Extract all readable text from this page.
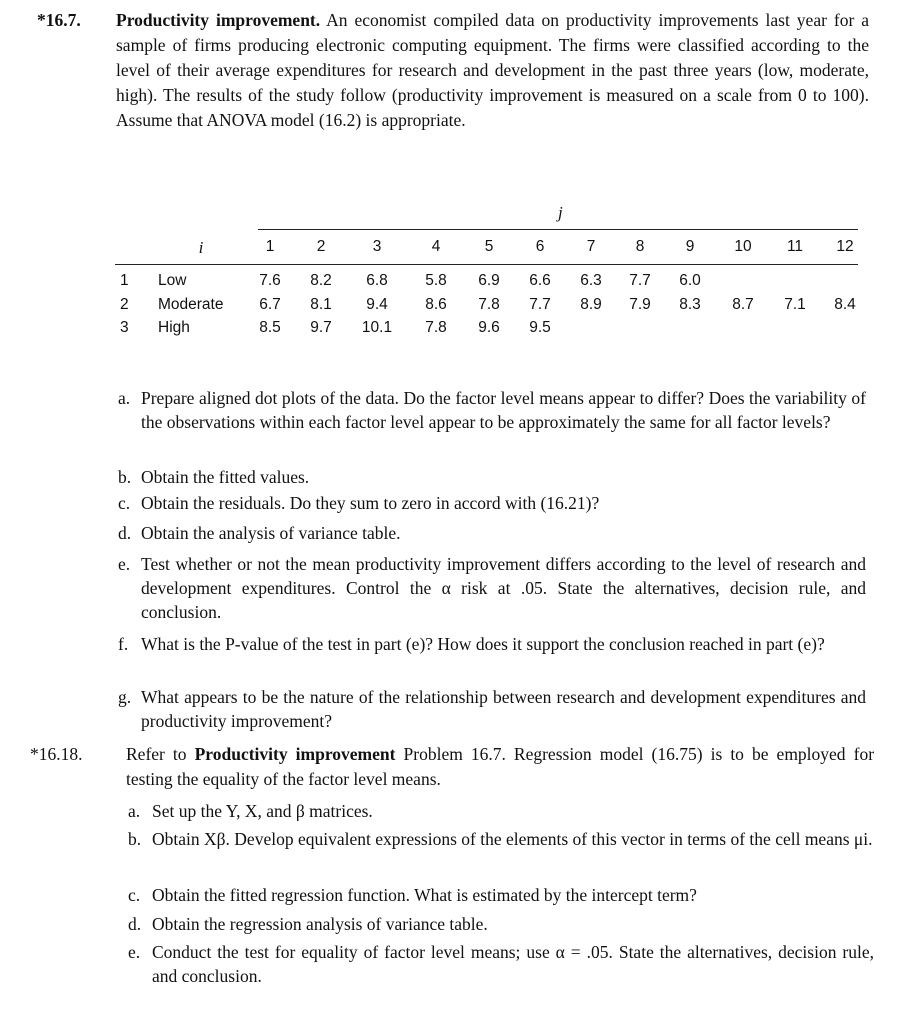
*16.7. Productivity improvement. An economist compiled data on productivity improvements last year for a sample of firms producing electronic computing equipment. The firms were classified according to the level of their average expenditures for research and development in the past three years (low, moderate, high). The results of the study follow (productivity improvement is measured on a scale from 0 to 100). Assume that ANOVA model (16.2) is appropriate.
j
i	1	2	3	4	5	6	7	8	9	10 11 12
1 Low	7.6 8.2 6.8 5.8 6.9 6.6 6.3 7.7 6.0
2 Moderate 6.7 8.1 9.4 8.6 7.8 7.7 8.9 7.9 8.3 8.7 7.1 8.4
3 High	8.5 9.7 10.1 7.8 9.6 9.5
a. Prepare aligned dot plots of the data. Do the factor level means appear to differ? Does the variability of the observations within each factor level appear to be approximately the same for all factor levels?
b. Obtain the fitted values.
c. Obtain the residuals. Do they sum to zero in accord with (16.21)?
d. Obtain the analysis of variance table.
e. Test whether or not the mean productivity improvement differs according to the level of research and development expenditures. Control the α risk at .05. State the alternatives, decision rule, and conclusion.
f. What is the P-value of the test in part (e)? How does it support the conclusion reached in part (e)?
g. What appears to be the nature of the relationship between research and development expenditures and productivity improvement?
*16.18. Refer to Productivity improvement Problem 16.7. Regression model (16.75) is to be employed for testing the equality of the factor level means.
a. Set up the Y, X, and β matrices.
b. Obtain Xβ. Develop equivalent expressions of the elements of this vector in terms of the cell means μi.
c. Obtain the fitted regression function. What is estimated by the intercept term?
d. Obtain the regression analysis of variance table.
e. Conduct the test for equality of factor level means; use α = .05. State the alternatives, decision rule, and conclusion.
